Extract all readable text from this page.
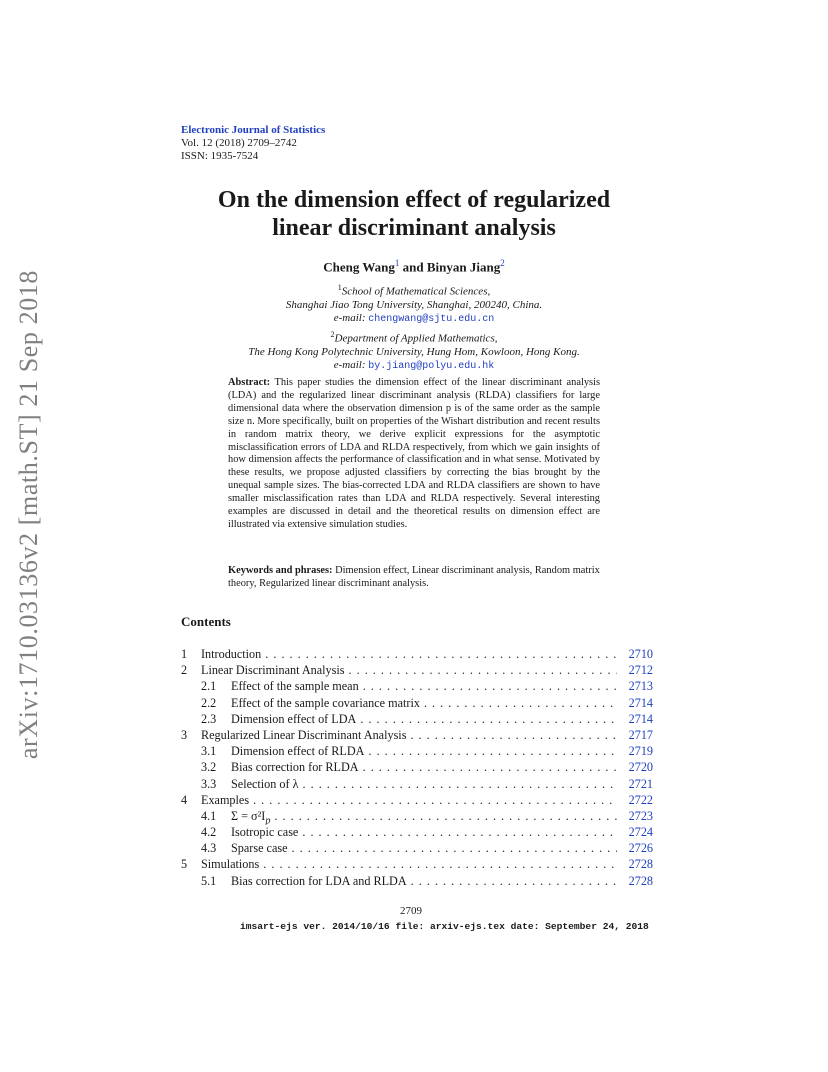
arXiv:1710.03136v2 [math.ST] 21 Sep 2018
Electronic Journal of Statistics
Vol. 12 (2018) 2709–2742
ISSN: 1935-7524
On the dimension effect of regularized
linear discriminant analysis
Cheng Wang$^1$ and Binyan Jiang$^2$
$^1$School of Mathematical Sciences,
Shanghai Jiao Tong University, Shanghai, 200240, China.
e-mail: chengwang@sjtu.edu.cn
$^2$Department of Applied Mathematics,
The Hong Kong Polytechnic University, Hung Hom, Kowloon, Hong Kong.
e-mail: by.jiang@polyu.edu.hk
Abstract: This paper studies the dimension effect of the linear discriminant analysis (LDA) and the regularized linear discriminant analysis (RLDA) classifiers for large dimensional data where the observation dimension p is of the same order as the sample size n. More specifically, built on properties of the Wishart distribution and recent results in random matrix theory, we derive explicit expressions for the asymptotic misclassification errors of LDA and RLDA respectively, from which we gain insights of how dimension affects the performance of classification and in what sense. Motivated by these results, we propose adjusted classifiers by correcting the bias brought by the unequal sample sizes. The bias-corrected LDA and RLDA classifiers are shown to have smaller misclassification rates than LDA and RLDA respectively. Several interesting examples are discussed in detail and the theoretical results on dimension effect are illustrated via extensive simulation studies.
Keywords and phrases: Dimension effect, Linear discriminant analysis, Random matrix theory, Regularized linear discriminant analysis.
Contents
1	Introduction . . .	2710
2	Linear Discriminant Analysis . . .	2712
2.1	Effect of the sample mean . . .	2713
2.2	Effect of the sample covariance matrix . . .	2714
2.3	Dimension effect of LDA . . .	2714
3	Regularized Linear Discriminant Analysis . . .	2717
3.1	Dimension effect of RLDA . . .	2719
3.2	Bias correction for RLDA . . .	2720
3.3	Selection of λ . . .	2721
4	Examples . . .	2722
4.1	$\Sigma = \sigma^2I_p$ . . .	2723
4.2	Isotropic case . . .	2724
4.3	Sparse case . . .	2726
5	Simulations . . .	2728
5.1	Bias correction for LDA and RLDA . . .	2728
2709
imsart-ejs ver. 2014/10/16 file: arxiv-ejs.tex date: September 24, 2018
